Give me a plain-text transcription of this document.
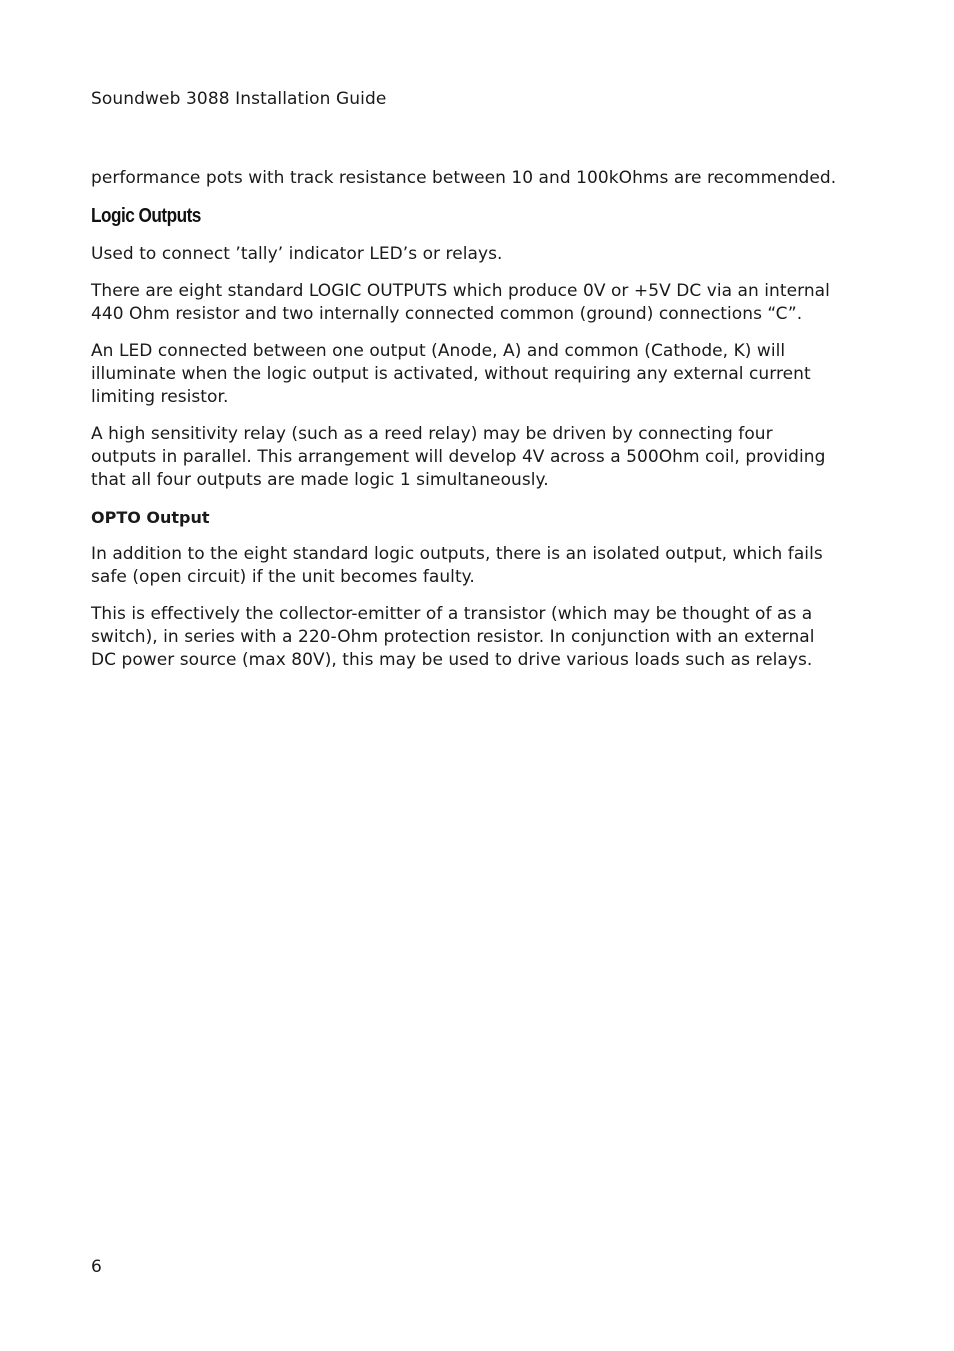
Soundweb 3088 Installation Guide

performance pots with track resistance between 10 and 100kOhms are recommended.

Logic Outputs

Used to connect ’tally’ indicator LED’s or relays.

There are eight standard LOGIC OUTPUTS which produce 0V or +5V DC via an internal 440 Ohm resistor and two internally connected common (ground) connections “C”.

An LED connected between one output (Anode, A) and common (Cathode, K) will illuminate when the logic output is activated, without requiring any external current limiting resistor.

A high sensitivity relay (such as a reed relay) may be driven by connecting four outputs in parallel. This arrangement will develop 4V across a 500Ohm coil, providing that all four outputs are made logic 1 simultaneously.

OPTO Output

In addition to the eight standard logic outputs, there is an isolated output, which fails safe (open circuit) if the unit becomes faulty.

This is effectively the collector-emitter of a transistor (which may be thought of as a switch), in series with a 220-Ohm protection resistor. In conjunction with an external DC power source (max 80V), this may be used to drive various loads such as relays.

6
